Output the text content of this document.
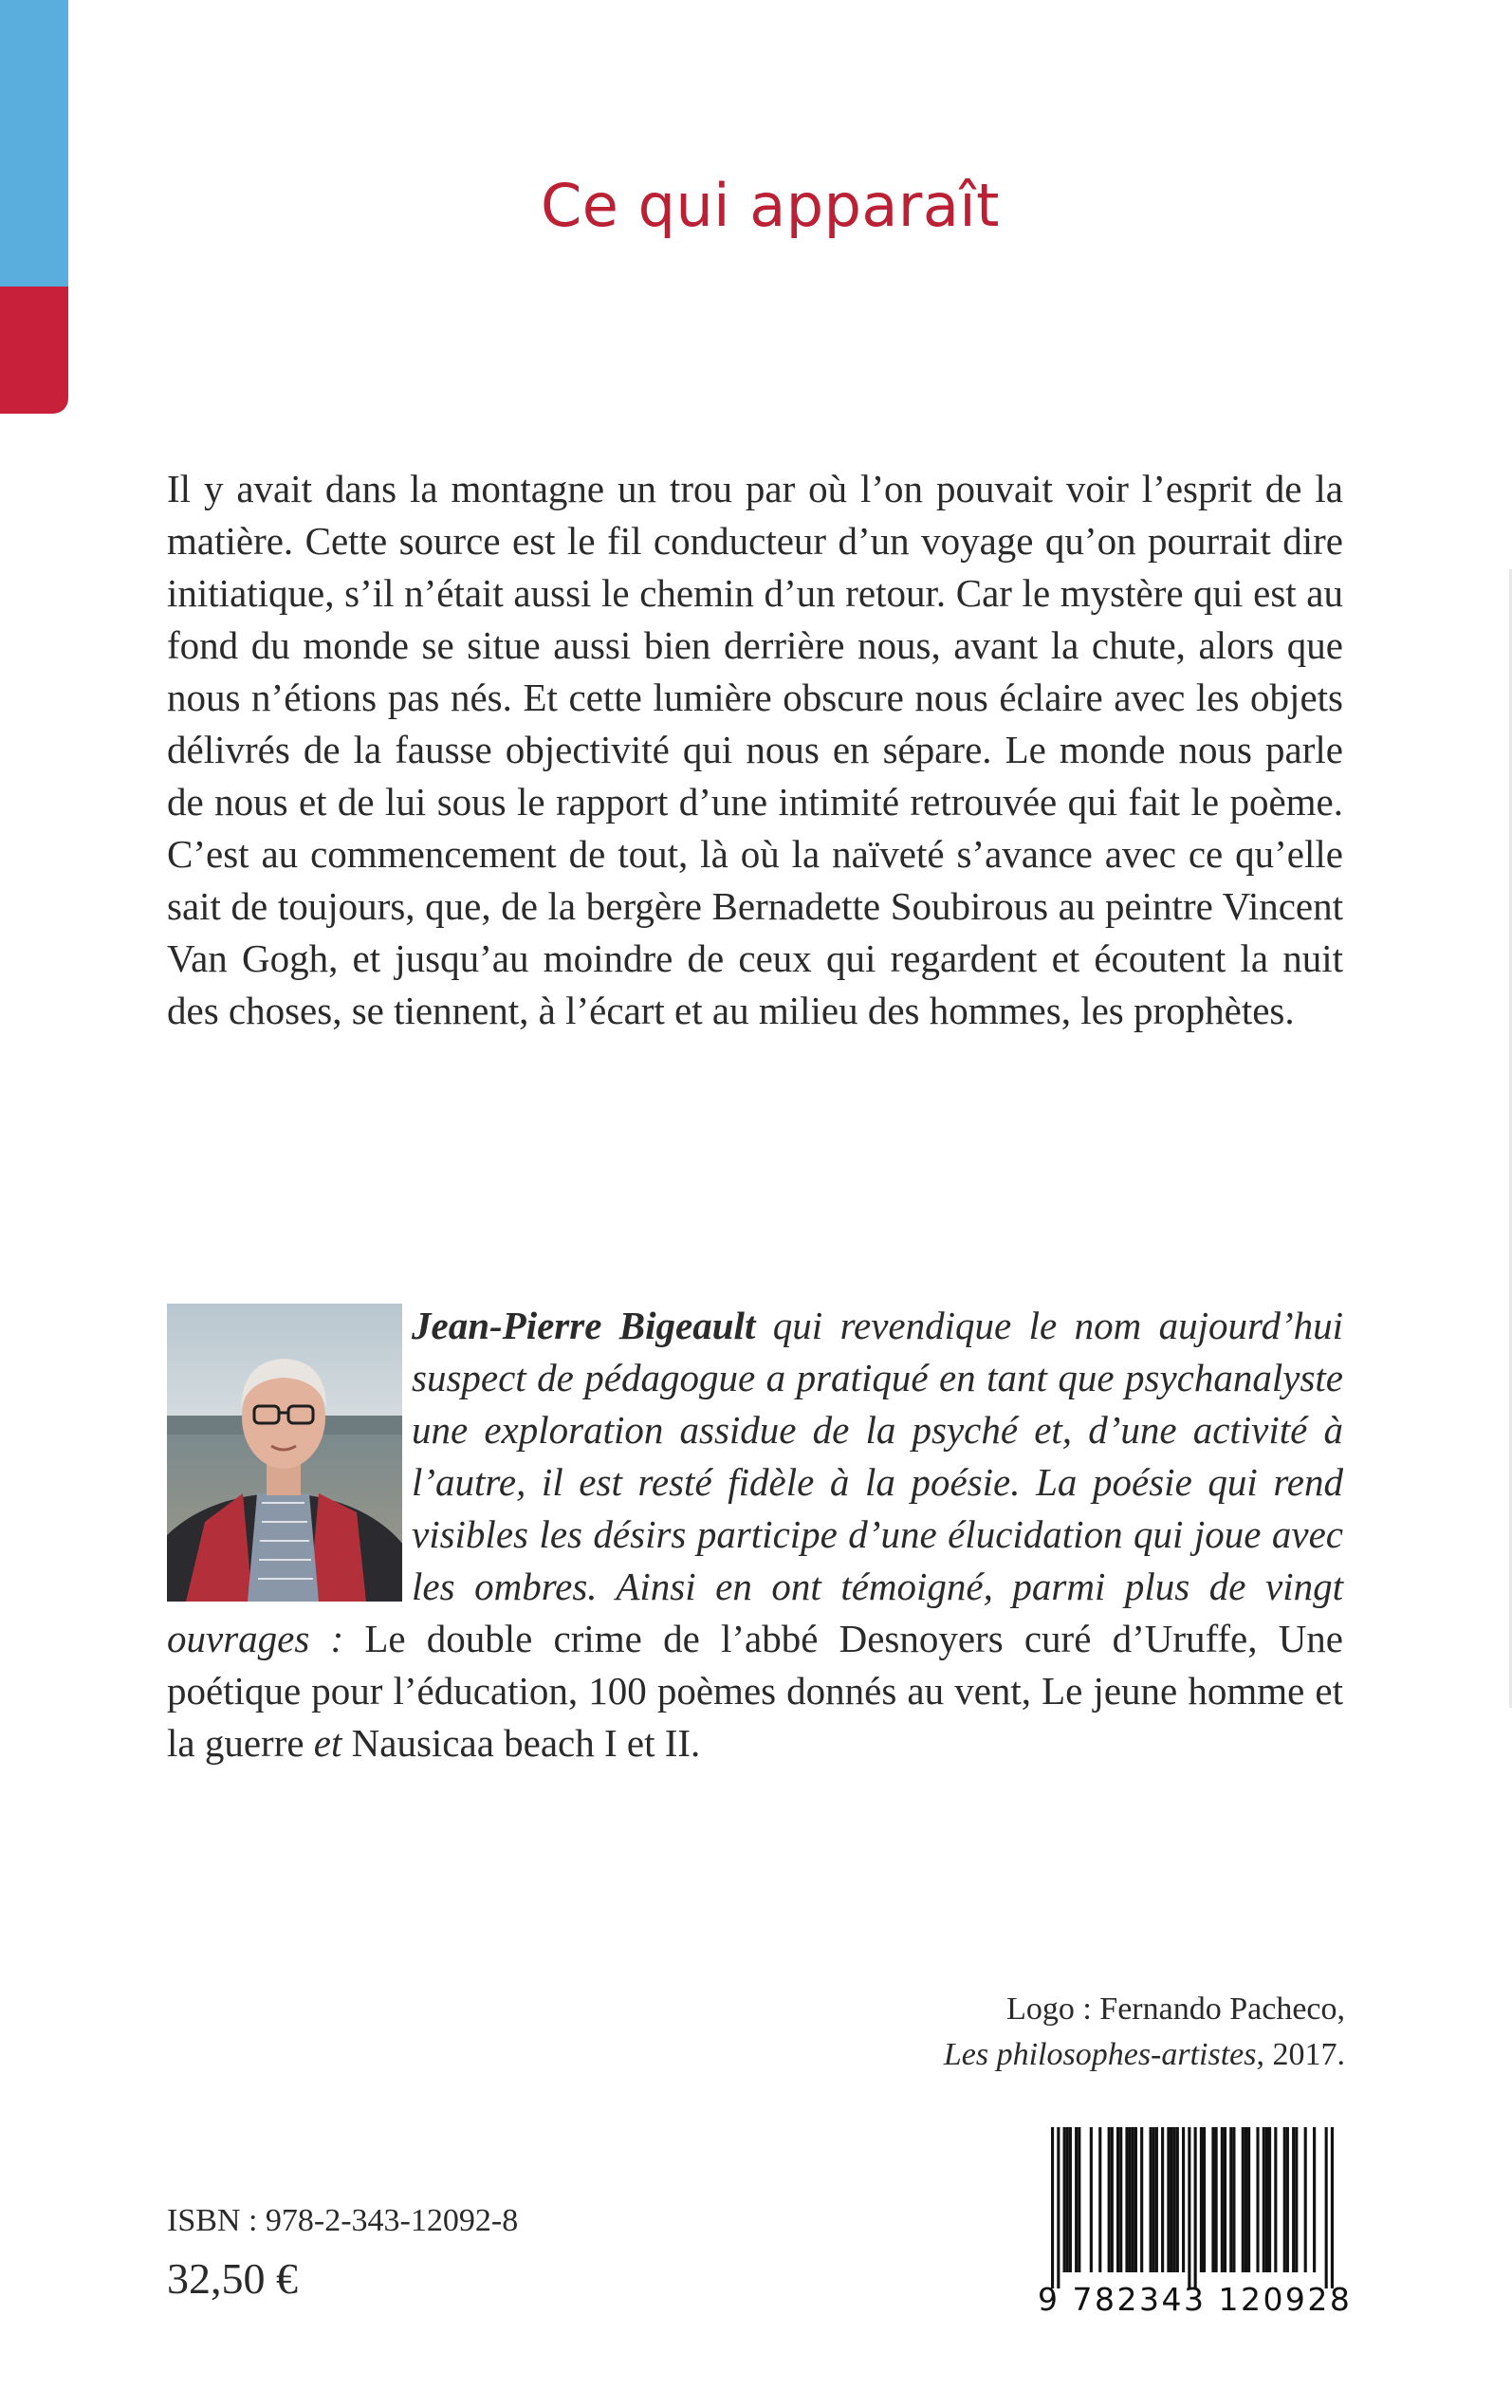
Ce qui apparaît

Il y avait dans la montagne un trou par où l’on pouvait voir l’esprit de la matière. Cette source est le fil conducteur d’un voyage qu’on pourrait dire initiatique, s’il n’était aussi le chemin d’un retour. Car le mystère qui est au fond du monde se situe aussi bien derrière nous, avant la chute, alors que nous n’étions pas nés. Et cette lumière obscure nous éclaire avec les objets délivrés de la fausse objectivité qui nous en sépare. Le monde nous parle de nous et de lui sous le rapport d’une intimité retrouvée qui fait le poème. C’est au commencement de tout, là où la naïveté s’avance avec ce qu’elle sait de toujours, que, de la bergère Bernadette Soubirous au peintre Vincent Van Gogh, et jusqu’au moindre de ceux qui regardent et écoutent la nuit des choses, se tiennent, à l’écart et au milieu des hommes, les prophètes.

Jean-Pierre Bigeault qui revendique le nom aujourd’hui suspect de pédagogue a pratiqué en tant que psychanalyste une exploration assidue de la psyché et, d’une activité à l’autre, il est resté fidèle à la poésie. La poésie qui rend visibles les désirs participe d’une élucidation qui joue avec les ombres. Ainsi en ont témoigné, parmi plus de vingt ouvrages : Le double crime de l’abbé Desnoyers curé d’Uruffe, Une poétique pour l’éducation, 100 poèmes donnés au vent, Le jeune homme et la guerre et Nausicaa beach I et II.

Logo : Fernando Pacheco,
Les philosophes-artistes, 2017.
ISBN : 978-2-343-12092-8
32,50 €	9 782343 120928
